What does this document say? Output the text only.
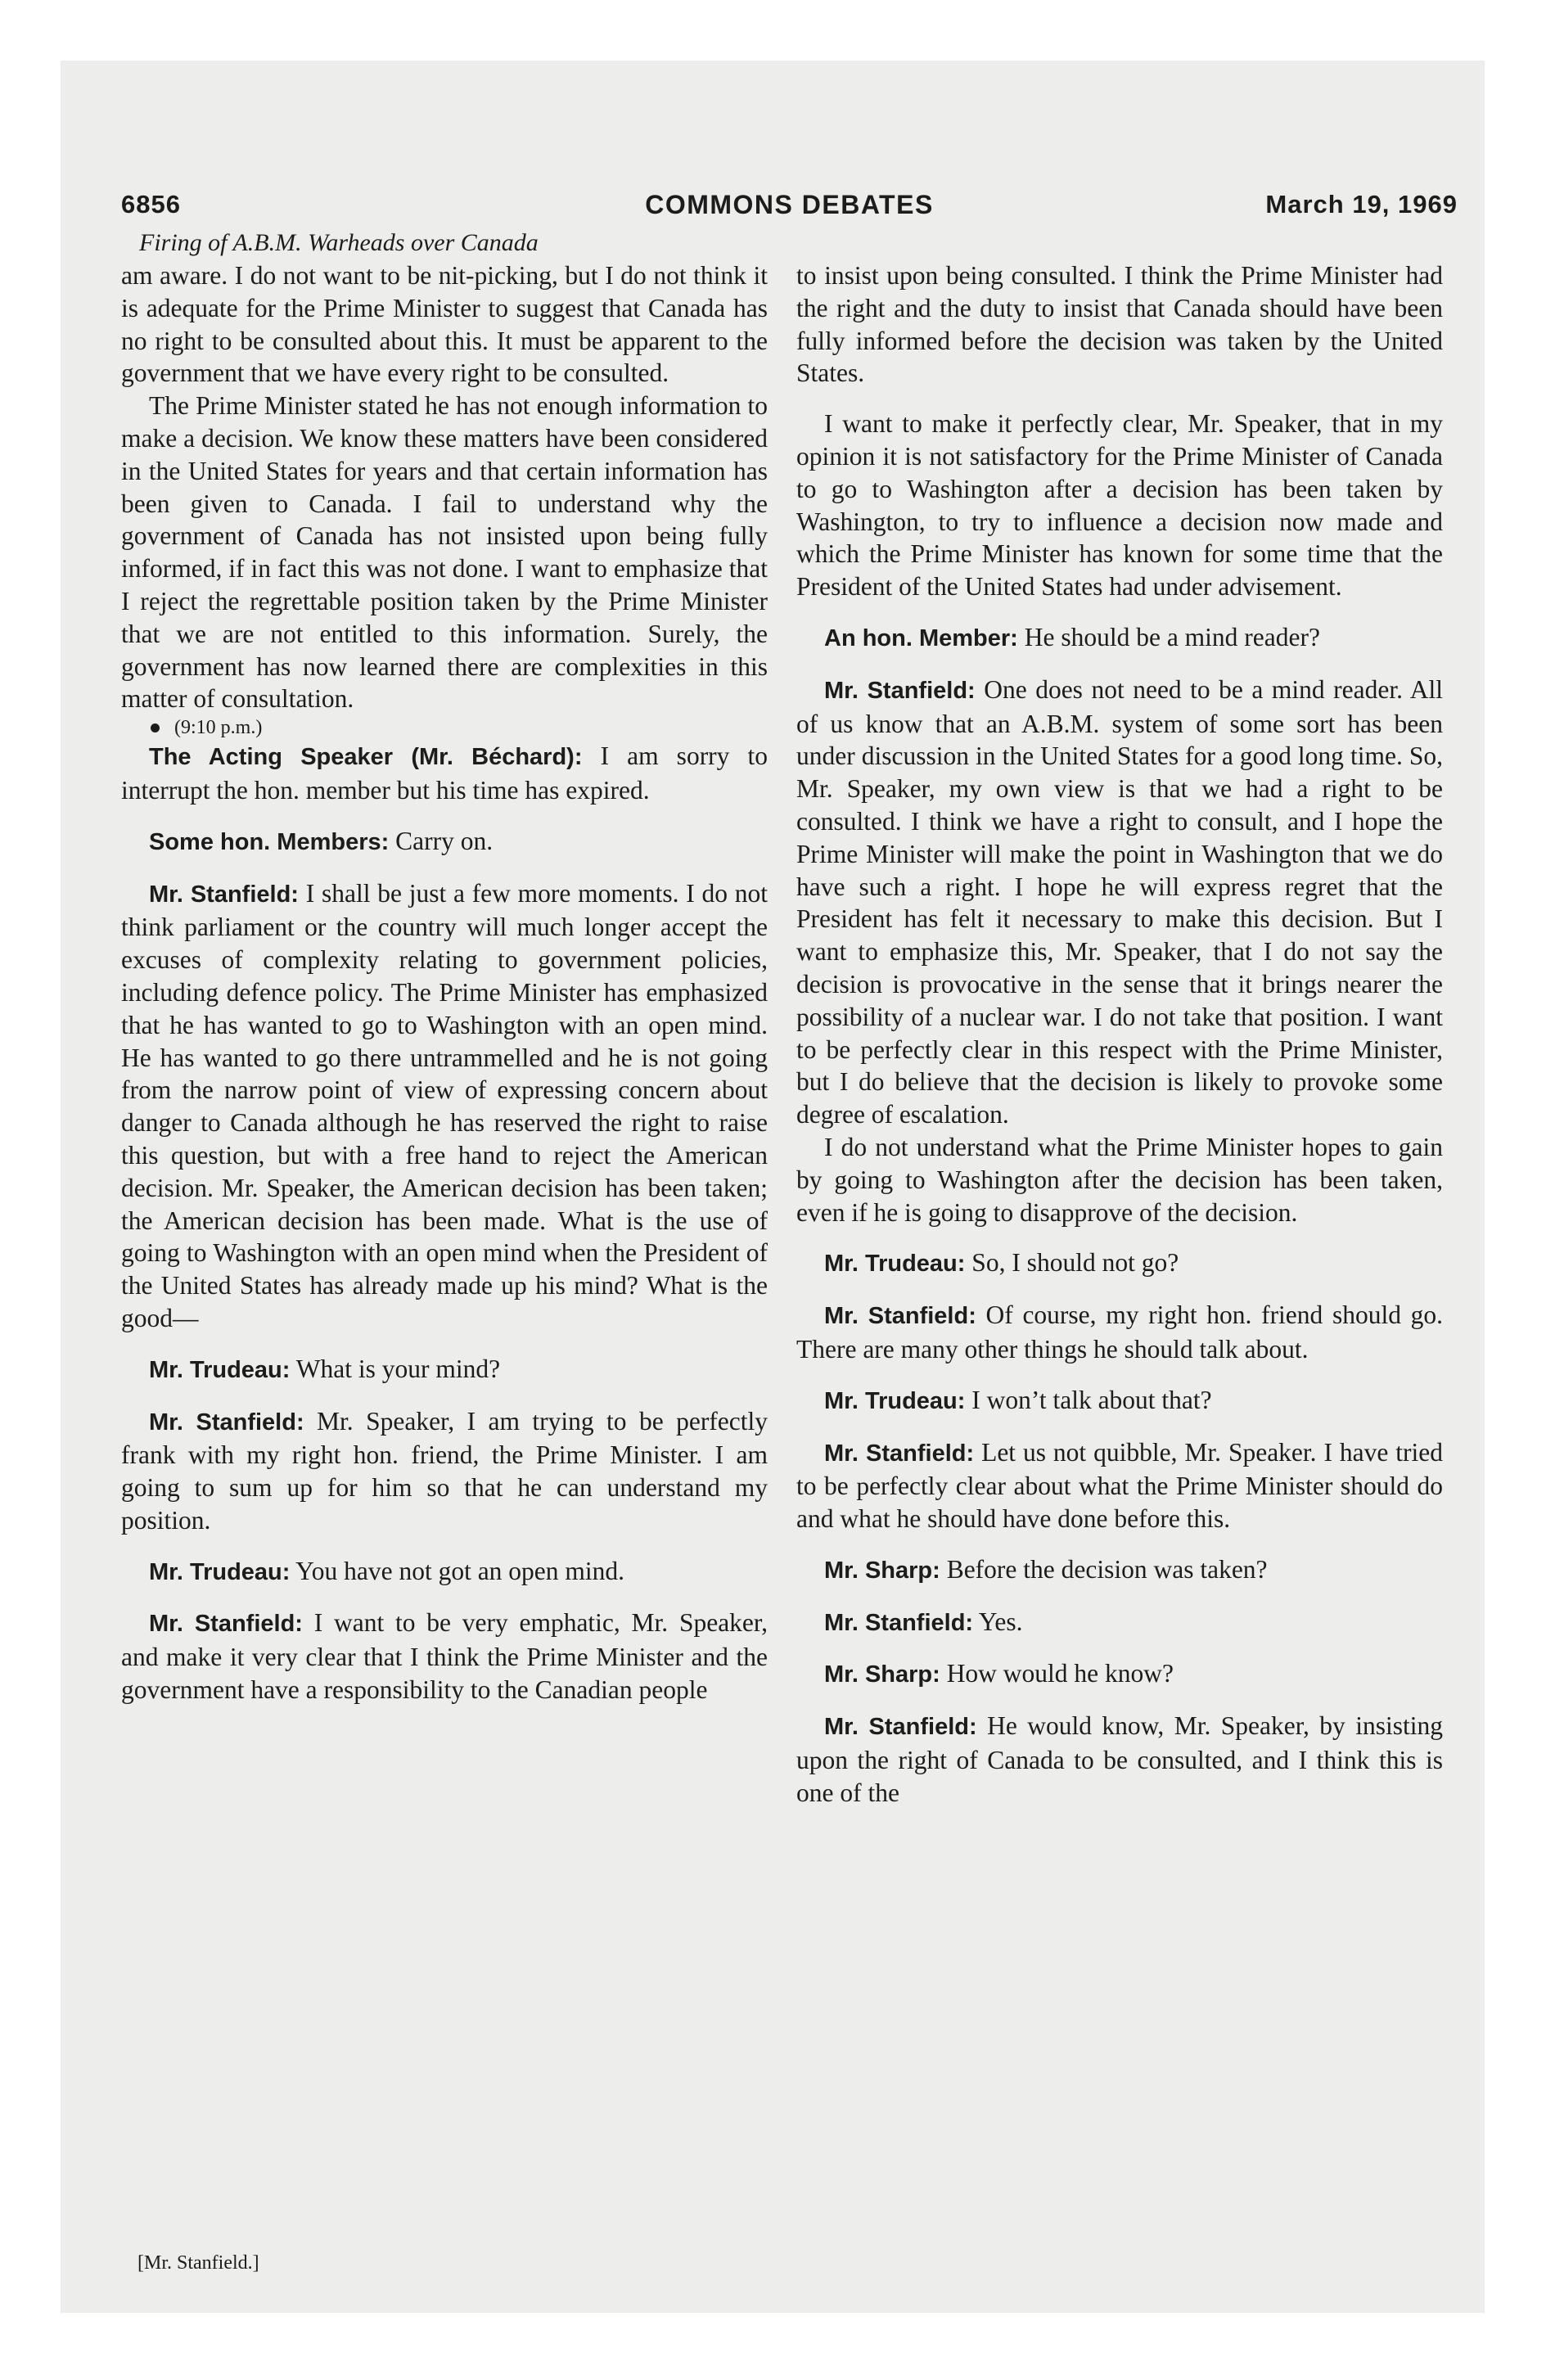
6856	COMMONS DEBATES	March 19, 1969

Firing of A.B.M. Warheads over Canada

am aware. I do not want to be nit-picking, but I do not think it is adequate for the Prime Minister to suggest that Canada has no right to be consulted about this. It must be apparent to the government that we have every right to be consulted.

The Prime Minister stated he has not enough information to make a decision. We know these matters have been considered in the United States for years and that certain information has been given to Canada. I fail to understand why the government of Canada has not insisted upon being fully informed, if in fact this was not done. I want to emphasize that I reject the regrettable position taken by the Prime Minister that we are not entitled to this information. Surely, the government has now learned there are complexities in this matter of consultation.

(9:10 p.m.)

The Acting Speaker (Mr. Béchard): I am sorry to interrupt the hon. member but his time has expired.

Some hon. Members: Carry on.

Mr. Stanfield: I shall be just a few more moments. I do not think parliament or the country will much longer accept the excuses of complexity relating to government policies, including defence policy. The Prime Minister has emphasized that he has wanted to go to Washington with an open mind. He has wanted to go there untrammelled and he is not going from the narrow point of view of expressing concern about danger to Canada although he has reserved the right to raise this question, but with a free hand to reject the American decision. Mr. Speaker, the American decision has been taken; the American decision has been made. What is the use of going to Washington with an open mind when the President of the United States has already made up his mind? What is the good—

Mr. Trudeau: What is your mind?

Mr. Stanfield: Mr. Speaker, I am trying to be perfectly frank with my right hon. friend, the Prime Minister. I am going to sum up for him so that he can understand my position.

Mr. Trudeau: You have not got an open mind.

Mr. Stanfield: I want to be very emphatic, Mr. Speaker, and make it very clear that I think the Prime Minister and the government have a responsibility to the Canadian people

to insist upon being consulted. I think the Prime Minister had the right and the duty to insist that Canada should have been fully informed before the decision was taken by the United States.

I want to make it perfectly clear, Mr. Speaker, that in my opinion it is not satisfactory for the Prime Minister of Canada to go to Washington after a decision has been taken by Washington, to try to influence a decision now made and which the Prime Minister has known for some time that the President of the United States had under advisement.

An hon. Member: He should be a mind reader?

Mr. Stanfield: One does not need to be a mind reader. All of us know that an A.B.M. system of some sort has been under discussion in the United States for a good long time. So, Mr. Speaker, my own view is that we had a right to be consulted. I think we have a right to consult, and I hope the Prime Minister will make the point in Washington that we do have such a right. I hope he will express regret that the President has felt it necessary to make this decision. But I want to emphasize this, Mr. Speaker, that I do not say the decision is provocative in the sense that it brings nearer the possibility of a nuclear war. I do not take that position. I want to be perfectly clear in this respect with the Prime Minister, but I do believe that the decision is likely to provoke some degree of escalation.

I do not understand what the Prime Minister hopes to gain by going to Washington after the decision has been taken, even if he is going to disapprove of the decision.

Mr. Trudeau: So, I should not go?

Mr. Stanfield: Of course, my right hon. friend should go. There are many other things he should talk about.

Mr. Trudeau: I won’t talk about that?

Mr. Stanfield: Let us not quibble, Mr. Speaker. I have tried to be perfectly clear about what the Prime Minister should do and what he should have done before this.

Mr. Sharp: Before the decision was taken?

Mr. Stanfield: Yes.

Mr. Sharp: How would he know?

Mr. Stanfield: He would know, Mr. Speaker, by insisting upon the right of Canada to be consulted, and I think this is one of the

[Mr. Stanfield.]
